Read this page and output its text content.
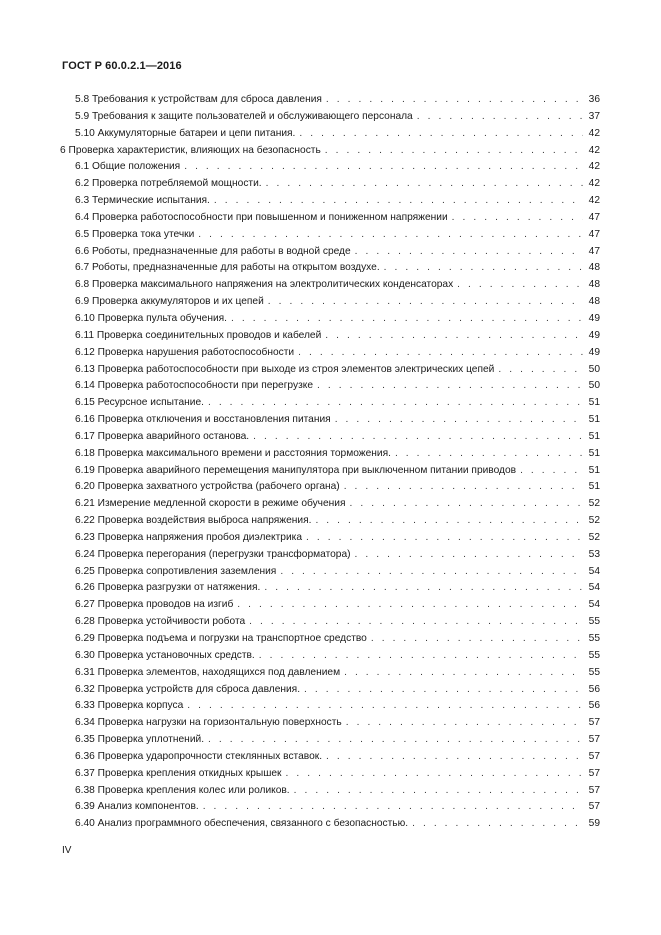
ГОСТ Р 60.0.2.1—2016
5.8 Требования к устройствам для сброса давления . . .	36
5.9 Требования к защите пользователей и обслуживающего персонала . . .	37
5.10 Аккумуляторные батареи и цепи питания. . . .	42
6 Проверка характеристик, влияющих на безопасность . . .	42
6.1 Общие положения . . .	42
6.2 Проверка потребляемой мощности. . . .	42
6.3 Термические испытания. . . .	42
6.4 Проверка работоспособности при повышенном и пониженном напряжении . . .	47
6.5 Проверка тока утечки . . .	47
6.6 Роботы, предназначенные для работы в водной среде . . .	47
6.7 Роботы, предназначенные для работы на открытом воздухе. . . .	48
6.8 Проверка максимального напряжения на электролитических конденсаторах . . .	48
6.9 Проверка аккумуляторов и их цепей . . .	48
6.10 Проверка пульта обучения. . . .	49
6.11 Проверка соединительных проводов и кабелей . . .	49
6.12 Проверка нарушения работоспособности . . .	49
6.13 Проверка работоспособности при выходе из строя элементов электрических цепей . . .	50
6.14 Проверка работоспособности при перегрузке . . .	50
6.15 Ресурсное испытание. . . .	51
6.16 Проверка отключения и восстановления питания . . .	51
6.17 Проверка аварийного останова. . . .	51
6.18 Проверка максимального времени и расстояния торможения. . . .	51
6.19 Проверка аварийного перемещения манипулятора при выключенном питании приводов . . .	51
6.20 Проверка захватного устройства (рабочего органа) . . .	51
6.21 Измерение медленной скорости в режиме обучения . . .	52
6.22 Проверка воздействия выброса напряжения. . . .	52
6.23 Проверка напряжения пробоя диэлектрика . . .	52
6.24 Проверка перегорания (перегрузки трансформатора) . . .	53
6.25 Проверка сопротивления заземления . . .	54
6.26 Проверка разгрузки от натяжения. . . .	54
6.27 Проверка проводов на изгиб . . .	54
6.28 Проверка устойчивости робота . . .	55
6.29 Проверка подъема и погрузки на транспортное средство . . .	55
6.30 Проверка установочных средств. . . .	55
6.31 Проверка элементов, находящихся под давлением . . .	55
6.32 Проверка устройств для сброса давления. . . .	56
6.33 Проверка корпуса . . .	56
6.34 Проверка нагрузки на горизонтальную поверхность . . .	57
6.35 Проверка уплотнений. . . .	57
6.36 Проверка ударопрочности стеклянных вставок. . . .	57
6.37 Проверка крепления откидных крышек . . .	57
6.38 Проверка крепления колес или роликов. . . .	57
6.39 Анализ компонентов. . . .	57
6.40 Анализ программного обеспечения, связанного с безопасностью. . . .	59
IV
